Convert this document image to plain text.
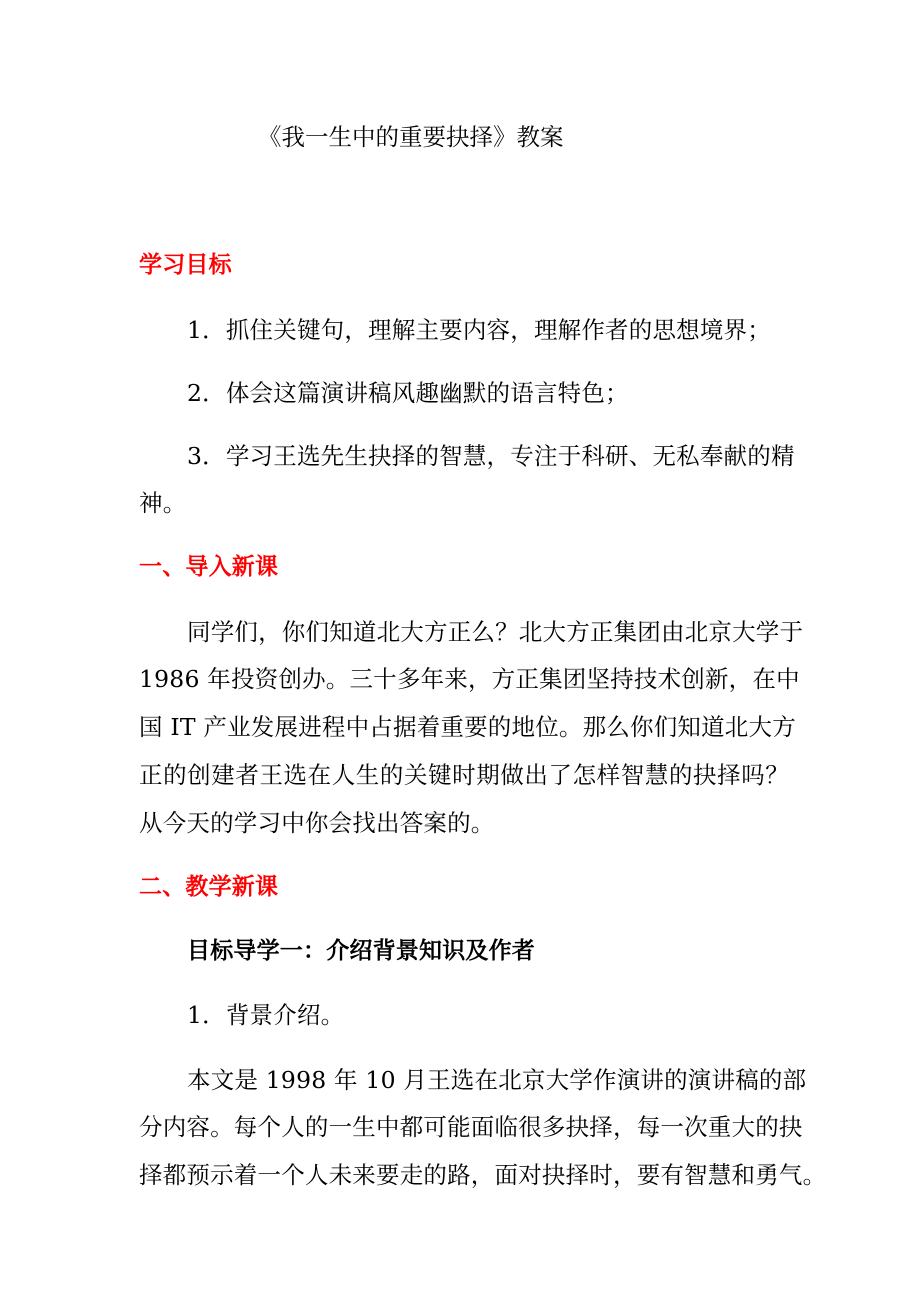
《我一生中的重要抉择》教案
学习目标
1．抓住关键句，理解主要内容，理解作者的思想境界；
2．体会这篇演讲稿风趣幽默的语言特色；
3．学习王选先生抉择的智慧，专注于科研、无私奉献的精
神。
一、导入新课
同学们，你们知道北大方正么？北大方正集团由北京大学于
1986 年投资创办。三十多年来，方正集团坚持技术创新，在中
国 IT 产业发展进程中占据着重要的地位。那么你们知道北大方
正的创建者王选在人生的关键时期做出了怎样智慧的抉择吗？
从今天的学习中你会找出答案的。
二、教学新课
目标导学一：介绍背景知识及作者
1．背景介绍。
本文是 1998 年 10 月王选在北京大学作演讲的演讲稿的部
分内容。每个人的一生中都可能面临很多抉择，每一次重大的抉
择都预示着一个人未来要走的路，面对抉择时，要有智慧和勇气。
